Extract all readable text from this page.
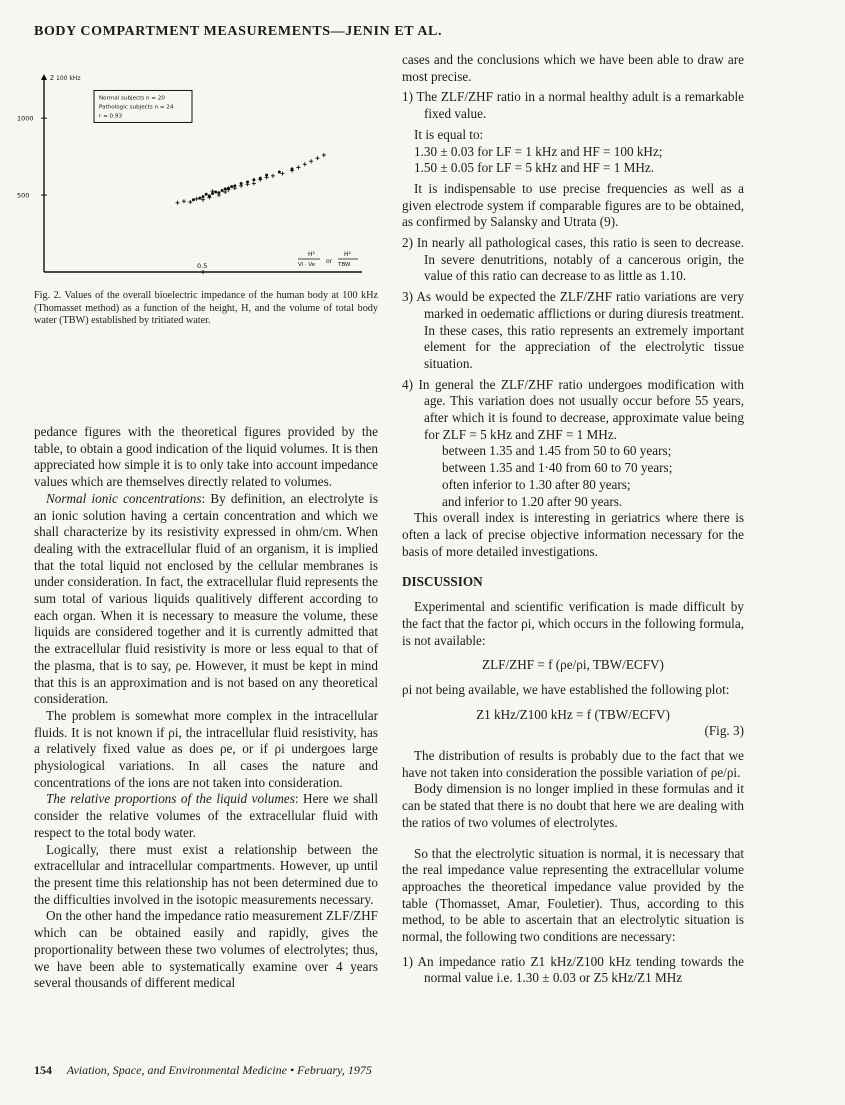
BODY COMPARTMENT MEASUREMENTS—JENIN ET AL.
Z 100 kHz
1000
500
0.5
H²
Vi · Ve or
H²
TBW
Normal subjects n = 20
Pathologic subjects n = 24
r = 0.93
Fig. 2. Values of the overall bioelectric impedance of the human body at 100 kHz (Thomasset method) as a function of the height, H, and the volume of total body water (TBW) established by tritiated water.

pedance figures with the theoretical figures provided by the table, to obtain a good indication of the liquid volumes. It is then appreciated how simple it is to only take into account impedance values which are themselves directly related to volumes.

Normal ionic concentrations: By definition, an electrolyte is an ionic solution having a certain concentration and which we shall characterize by its resistivity expressed in ohm/cm. When dealing with the extracellular fluid of an organism, it is implied that the total liquid not enclosed by the cellular membranes is under consideration. In fact, the extracellular fluid represents the sum total of various liquids qualitively different according to each organ. When it is necessary to measure the volume, these liquids are considered together and it is currently admitted that the extracellular fluid resistivity is more or less equal to that of the plasma, that is to say, ρe. However, it must be kept in mind that this is an approximation and is not based on any theoretical consideration.

The problem is somewhat more complex in the intracellular fluids. It is not known if ρi, the intracellular fluid resistivity, has a relatively fixed value as does ρe, or if ρi undergoes large physiological variations. In all cases the nature and concentrations of the ions are not taken into consideration.

The relative proportions of the liquid volumes: Here we shall consider the relative volumes of the extracellular fluid with respect to the total body water.

Logically, there must exist a relationship between the extracellular and intracellular compartments. However, up until the present time this relationship has not been determined due to the difficulties involved in the isotopic measurements necessary.

On the other hand the impedance ratio measurement ZLF/ZHF which can be obtained easily and rapidly, gives the proportionality between these two volumes of electrolytes; thus, we have been able to systematically examine over 4 years several thousands of different medical

cases and the conclusions which we have been able to draw are most precise.

1) The ZLF/ZHF ratio in a normal healthy adult is a remarkable fixed value.

It is equal to:

1.30 ± 0.03 for LF = 1 kHz and HF = 100 kHz;

1.50 ± 0.05 for LF = 5 kHz and HF = 1 MHz.

It is indispensable to use precise frequencies as well as a given electrode system if comparable figures are to be obtained, as confirmed by Salansky and Utrata (9).

2) In nearly all pathological cases, this ratio is seen to decrease. In severe denutritions, notably of a cancerous origin, the value of this ratio can decrease to as little as 1.10.

3) As would be expected the ZLF/ZHF ratio variations are very marked in oedematic afflictions or during diuresis treatment. In these cases, this ratio represents an extremely important element for the appreciation of the electrolytic tissue situation.

4) In general the ZLF/ZHF ratio undergoes modification with age. This variation does not usually occur before 55 years, after which it is found to decrease, approximate value being for ZLF = 5 kHz and ZHF = 1 MHz.

between 1.35 and 1.45 from 50 to 60 years;

between 1.35 and 1·40 from 60 to 70 years;

often inferior to 1.30 after 80 years;

and inferior to 1.20 after 90 years.

This overall index is interesting in geriatrics where there is often a lack of precise objective information necessary for the basis of more detailed investigations.

DISCUSSION

Experimental and scientific verification is made difficult by the fact that the factor ρi, which occurs in the following formula, is not available:

ZLF/ZHF = f (ρe/ρi, TBW/ECFV)

ρi not being available, we have established the following plot:

Z1 kHz/Z100 kHz = f (TBW/ECFV)

(Fig. 3)

The distribution of results is probably due to the fact that we have not taken into consideration the possible variation of ρe/ρi.

Body dimension is no longer implied in these formulas and it can be stated that there is no doubt that here we are dealing with the ratios of two volumes of electrolytes.

So that the electrolytic situation is normal, it is necessary that the real impedance value representing the extracellular volume approaches the theoretical impedance value provided by the table (Thomasset, Amar, Fouletier). Thus, according to this method, to be able to ascertain that an electrolytic situation is normal, the following two conditions are necessary:

1) An impedance ratio Z1 kHz/Z100 kHz tending towards the normal value i.e. 1.30 ± 0.03 or Z5 kHz/Z1 MHz

154 Aviation, Space, and Environmental Medicine • February, 1975
